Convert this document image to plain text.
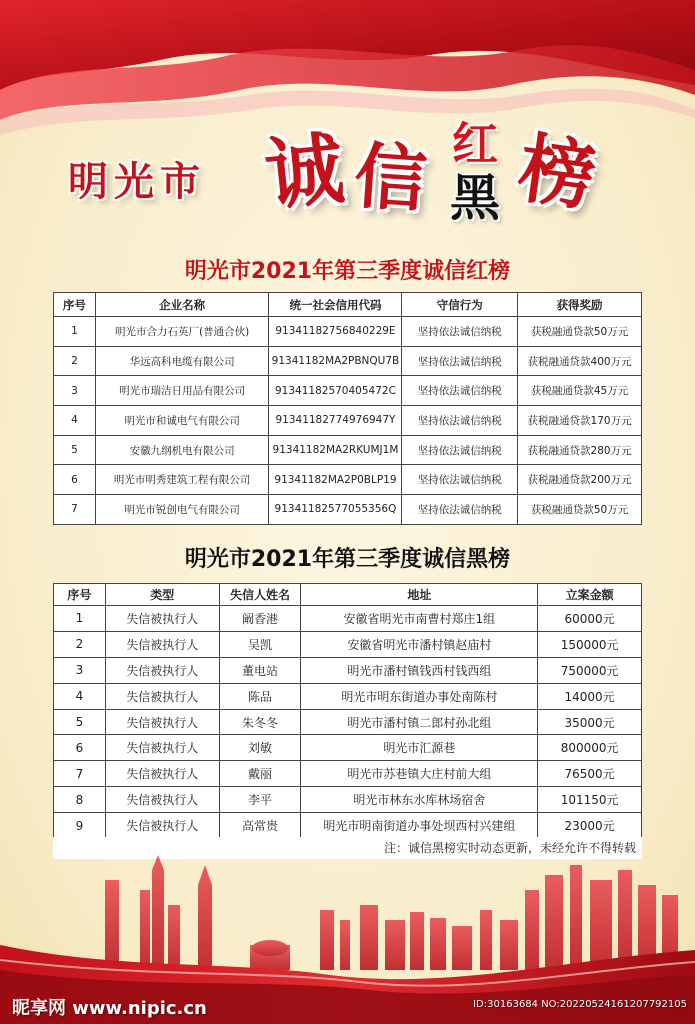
明光市 诚 信 红
黑 榜
明光市2021年第三季度诚信红榜
序号	企业名称	统一社会信用代码	守信行为	获得奖励
1	明光市合力石英厂(普通合伙)	91341182756840229E	坚持依法诚信纳税	获税融通贷款50万元
2	华远高科电缆有限公司	91341182MA2PBNQU7B	坚持依法诚信纳税	获税融通贷款400万元
3	明光市瑞洁日用品有限公司	91341182570405472C	坚持依法诚信纳税	获税融通贷款45万元
4	明光市和诚电气有限公司	91341182774976947Y	坚持依法诚信纳税	获税融通贷款170万元
5	安徽九纲机电有限公司	91341182MA2RKUMJ1M	坚持依法诚信纳税	获税融通贷款280万元
6	明光市明秀建筑工程有限公司	91341182MA2P0BLP19	坚持依法诚信纳税	获税融通贷款200万元
7	明光市锐创电气有限公司	91341182577055356Q	坚持依法诚信纳税	获税融通贷款50万元
明光市2021年第三季度诚信黑榜
序号	类型	失信人姓名	地址	立案金额
1	失信被执行人	阚香港	安徽省明光市南曹村郑庄1组	60000元
2	失信被执行人	吴凯	安徽省明光市潘村镇赵庙村	150000元
3	失信被执行人	董电站	明光市潘村镇钱西村钱西组	750000元
4	失信被执行人	陈品	明光市明东街道办事处南陈村	14000元
5	失信被执行人	朱冬冬	明光市潘村镇二郎村孙北组	35000元
6	失信被执行人	刘敏	明光市汇源巷	800000元
7	失信被执行人	戴丽	明光市苏巷镇大庄村前大组	76500元
8	失信被执行人	李平	明光市林东水库林场宿舍	101150元
9	失信被执行人	高常贵	明光市明南街道办事处坝西村兴建组	23000元
注：诚信黑榜实时动态更新，未经允许不得转载
昵享网 www.nipic.cn	ID:30163684 NO:20220524161207792105
